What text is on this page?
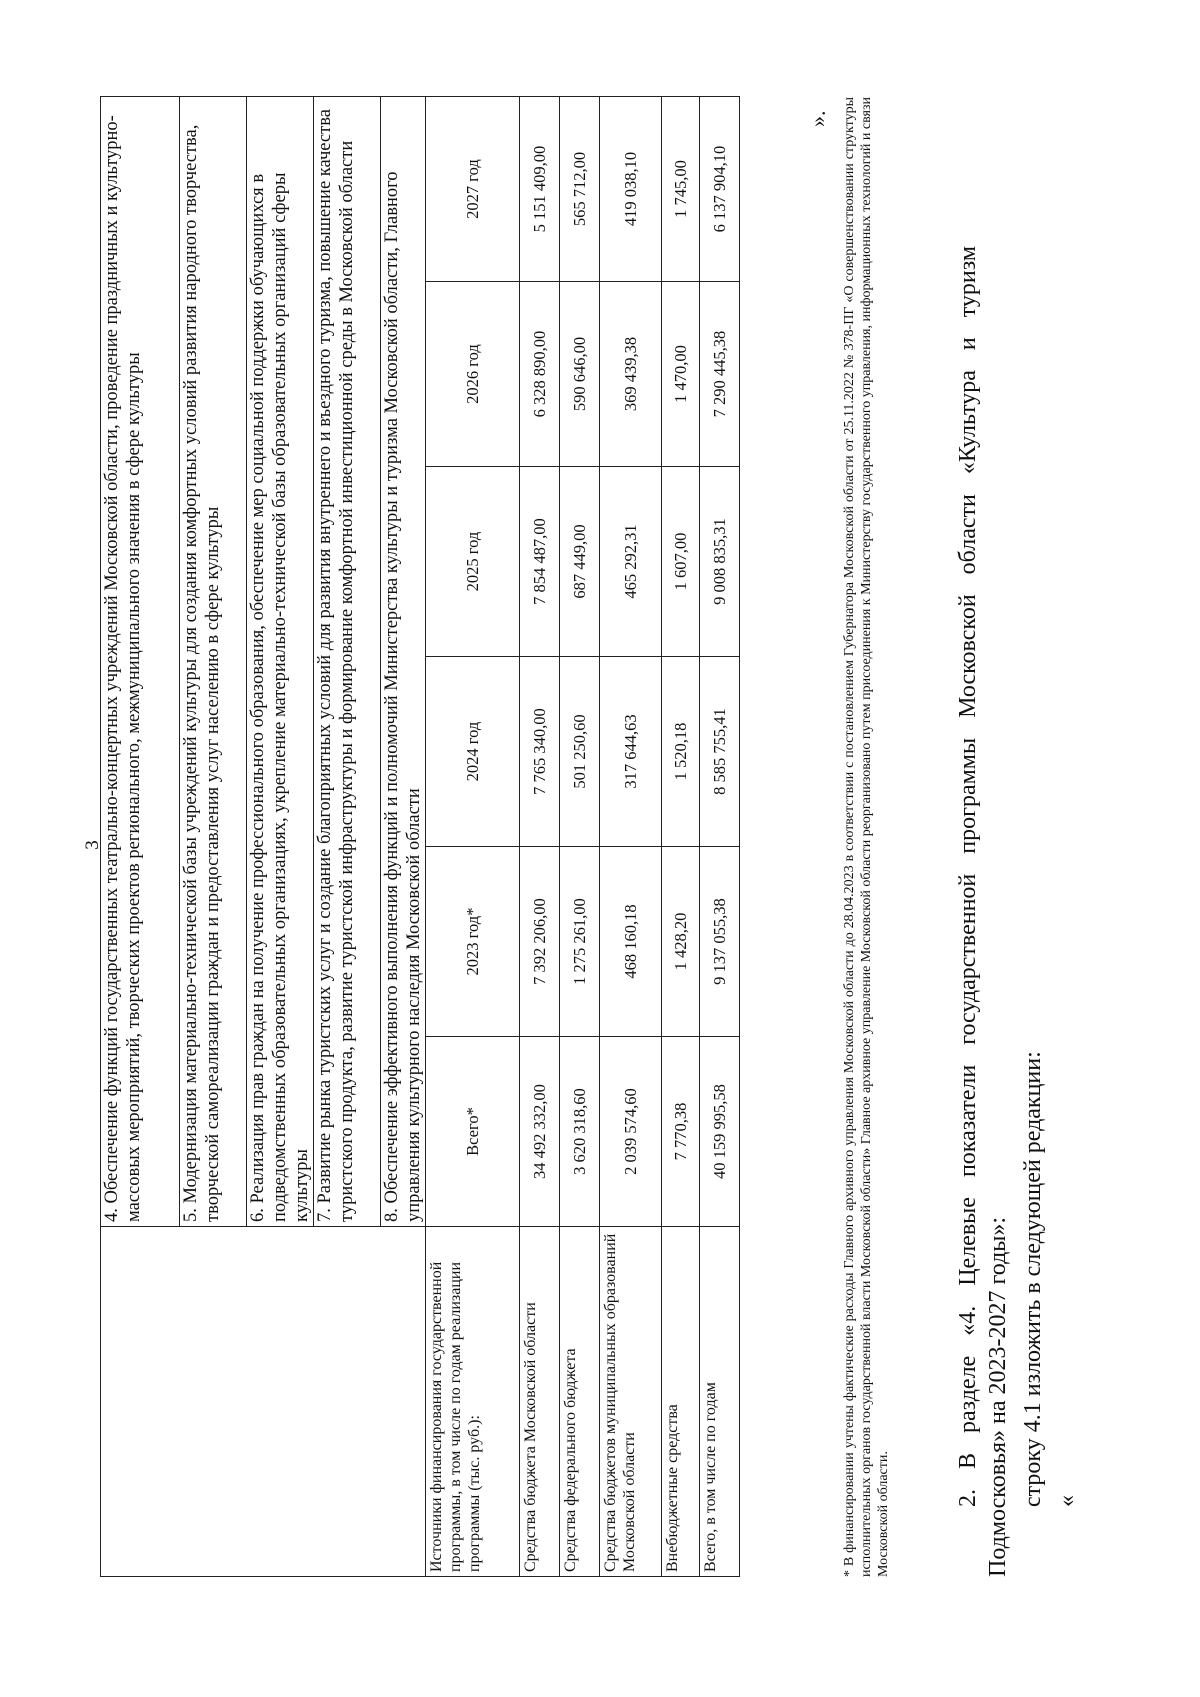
3
	4. Обеспечение функций государственных театрально-концертных учреждений Московской области, проведение праздничных и культурно-массовых мероприятий, творческих проектов регионального, межмуниципального значения в сфере культуры					
	5. Модернизация материально-технической базы учреждений культуры для создания комфортных условий развития народного творчества, творческой самореализации граждан и предоставления услуг населению в сфере культуры					
	6. Реализация прав граждан на получение профессионального образования, обеспечение мер социальной поддержки обучающихся в подведомственных образовательных организациях, укрепление материально-технической базы образовательных организаций сферы культуры					
	7. Развитие рынка туристских услуг и создание благоприятных условий для развития внутреннего и въездного туризма, повышение качества туристского продукта, развитие туристской инфраструктуры и формирование комфортной инвестиционной среды в Московской области					
	8. Обеспечение эффективного выполнения функций и полномочий Министерства культуры и туризма Московской области, Главного управления культурного наследия Московской области					
Источники финансирования государственной программы, в том числе по годам реализации программы (тыс. руб.):	Всего*	2023 год*	2024 год	2025 год	2026 год	2027 год
Средства бюджета Московской области	34 492 332,00	7 392 206,00	7 765 340,00	7 854 487,00	6 328 890,00	5 151 409,00
Средства федерального бюджета	3 620 318,60	1 275 261,00	501 250,60	687 449,00	590 646,00	565 712,00
Средства бюджетов муниципальных образований Московской области	2 039 574,60	468 160,18	317 644,63	465 292,31	369 439,38	419 038,10
Внебюджетные средства	7 770,38	1 428,20	1 520,18	1 607,00	1 470,00	1 745,00
Всего, в том числе по годам	40 159 995,58	9 137 055,38	8 585 755,41	9 008 835,31	7 290 445,38	6 137 904,10
». * В финансировании учтены фактические расходы Главного архивного управления Московской области до 28.04.2023 в соответствии с постановлением Губернатора Московской области от 25.11.2022 № 378-ПГ «О совершенствовании структуры исполнительных органов государственной власти Московской области» Главное архивное управление Московской области реорганизовано путем присоединения к Министерству государственного управления, информационных технологий и связи Московской области.	2. В разделе «4. Целевые показатели государственной программы Московской области «Культура и туризм
Подмосковья» на 2023-2027 годы»: строку 4.1 изложить в следующей редакции: «
